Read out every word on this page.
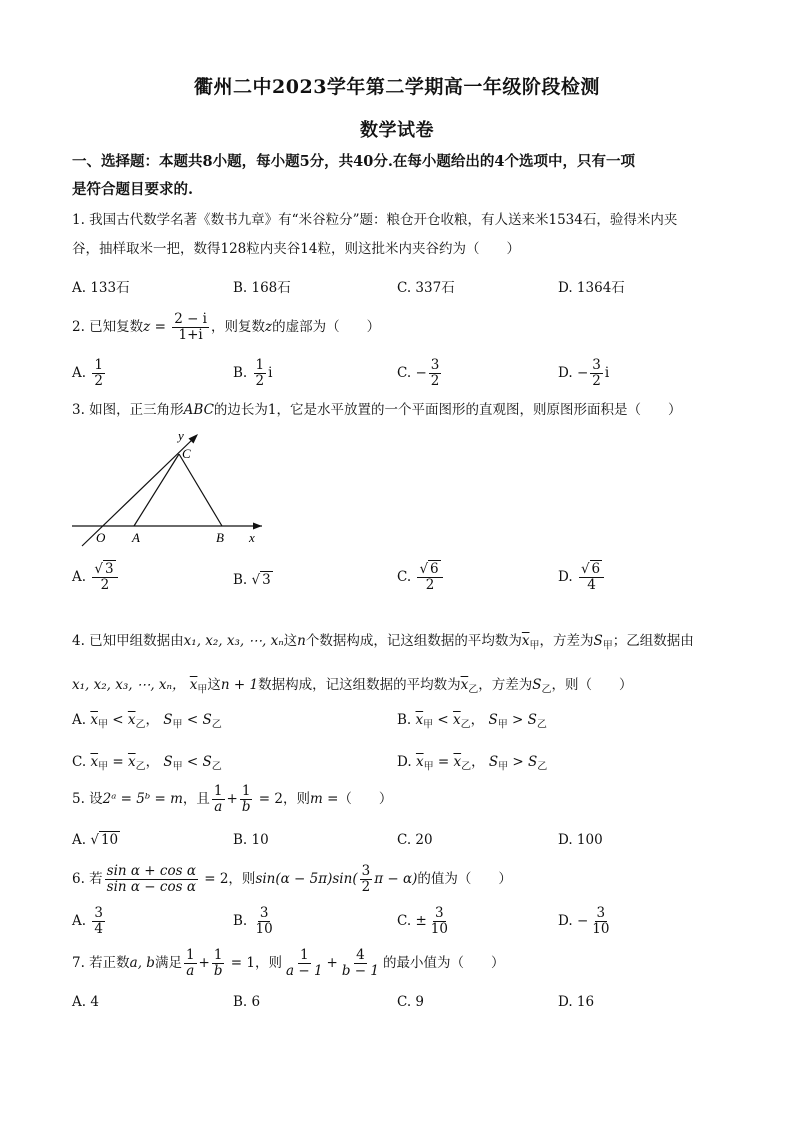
衢州二中2023学年第二学期高一年级阶段检测
数学试卷
一、选择题：本题共8小题，每小题5分，共40分.在每小题给出的4个选项中，只有一项
是符合题目要求的.
1. 我国古代数学名著《数书九章》有“米谷粒分”题：粮仓开仓收粮，有人送来米1534石，验得米内夹
谷，抽样取米一把，数得128粒内夹谷14粒，则这批米内夹谷约为（　　）
A. 133石	B. 168石	C. 337石	D. 1364石
2. 已知复数$z = \frac{2 - i}{1+i}$ ，则复数z的虚部为（　　）
A. $\frac{1}{2}$	B. $\frac{1}{2}$ i	C. − $\frac{3}{2}$	D. − $\frac{3}{2}$ i
3. 如图，正三角形ABC的边长为1，它是水平放置的一个平面图形的直观图，则原图形面积是（　　）
y
C
O A	B x
A. $\frac{√ 3}{2}$	B. √ 3	C. $\frac{√ 6}{2}$	D. $\frac{√ 6}{4}$
4. 已知甲组数据由x₁, x₂, x₃, ⋯, xₙ这n个数据构成，记这组数据的平均数为$\overline{x}_甲$，方差为$S_甲$；乙组数据由
x₁, x₂, x₃, ⋯, xₙ， $\overline{x}_甲$这n + 1数据构成，记这组数据的平均数为$\overline{x}_乙$，方差为$S_乙$，则（　　）
A. $\overline{x}_甲 < \overline{x}_乙$， $S_甲 < S_乙$	B. $\overline{x}_甲 < \overline{x}_乙$， $S_甲 > S_乙$
C. $\overline{x}_甲 = \overline{x}_乙$， $S_甲 < S_乙$	D. $\overline{x}_甲 = \overline{x}_乙$， $S_甲 > S_乙$
5. 设2ᵃ = 5ᵇ = m，且 $\frac{1}{a} + \frac{1}{b} = 2$，则m =（　　）
A. √ 10	B. 10	C. 20	D. 100
6. 若 $\frac{\text{sin α + cos α}}{\text{sin α − cos α}} = 2$，则$\sin(\alpha - 5\pi)\sin( \frac{3}{2}$ π − α)的值为（　　）
A. $\frac{3}{4}$	B. $\frac{3}{10}$	C. ± $\frac{3}{10}$	D. − $\frac{3}{10}$
7. 若正数a, b满足 $\frac{1}{a} + \frac{1}{b} = 1$，则 $\frac{1}{a - 1} + \frac{4}{b - 1}$ 的最小值为（　　）
A. 4	B. 6	C. 9	D. 16
